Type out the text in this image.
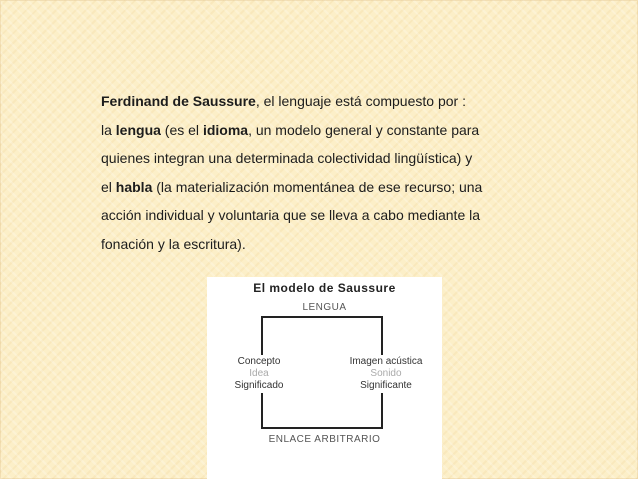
Ferdinand de Saussure, el lenguaje está compuesto por :

la lengua (es el idioma, un modelo general y constante para

quienes integran una determinada colectividad lingüística) y

el habla (la materialización momentánea de ese recurso; una

acción individual y voluntaria que se lleva a cabo mediante la

fonación y la escritura).

El modelo de Saussure
LENGUA
ENLACE ARBITRARIO
Concepto
Idea
Significado
Imagen acústica
Sonido
Significante
